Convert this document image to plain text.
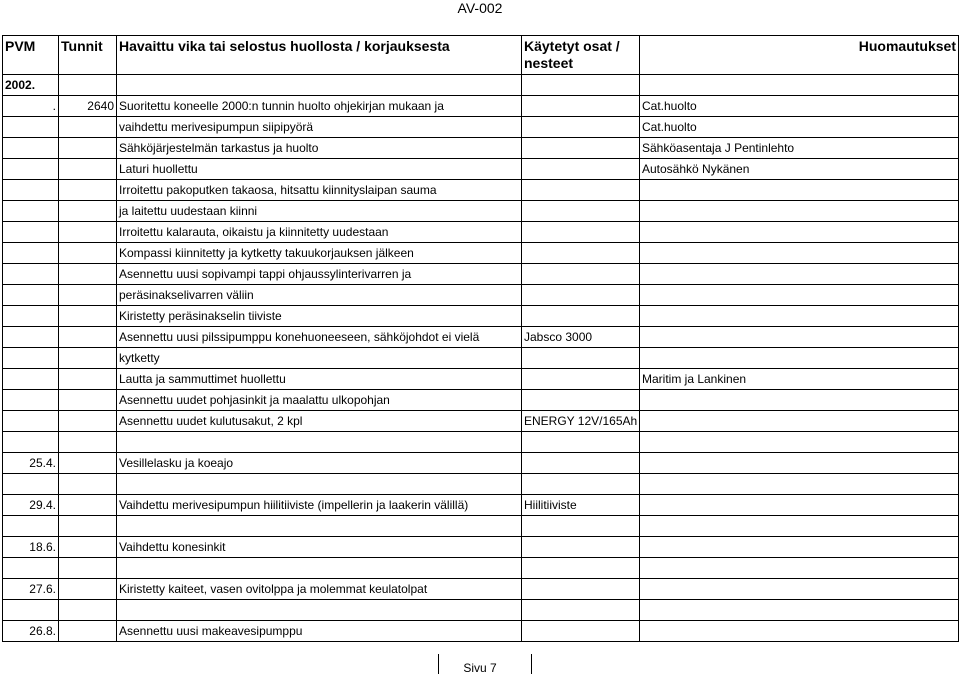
AV-002
PVM	Tunnit	Havaittu vika tai selostus huollosta / korjauksesta	Käytetyt osat / nesteet	Huomautukset
2002.				
.	2640	Suoritettu koneelle 2000:n tunnin huolto ohjekirjan mukaan ja		Cat.huolto
		vaihdettu merivesipumpun siipipyörä		Cat.huolto
		Sähköjärjestelmän tarkastus ja huolto		Sähköasentaja J Pentinlehto
		Laturi huollettu		Autosähkö Nykänen
		Irroitettu pakoputken takaosa, hitsattu kiinnityslaipan sauma		
		ja laitettu uudestaan kiinni		
		Irroitettu kalarauta, oikaistu ja kiinnitetty uudestaan		
		Kompassi kiinnitetty ja kytketty takuukorjauksen jälkeen		
		Asennettu uusi sopivampi tappi ohjaussylinterivarren ja		
		peräsinakselivarren väliin		
		Kiristetty peräsinakselin tiiviste		
		Asennettu uusi pilssipumppu konehuoneeseen, sähköjohdot ei vielä	Jabsco 3000	
		kytketty		
		Lautta ja sammuttimet huollettu		Maritim ja Lankinen
		Asennettu uudet pohjasinkit ja maalattu ulkopohjan		
		Asennettu uudet kulutusakut, 2 kpl	ENERGY 12V/165Ah	

25.4.		Vesillelasku ja koeajo		

29.4.		Vaihdettu merivesipumpun hiilitiiviste (impellerin ja laakerin välillä)	Hiilitiiviste	

18.6.		Vaihdettu konesinkit		

27.6.		Kiristetty kaiteet, vasen ovitolppa ja molemmat keulatolpat		

26.8.		Asennettu uusi makeavesipumppu		
Sivu 7
